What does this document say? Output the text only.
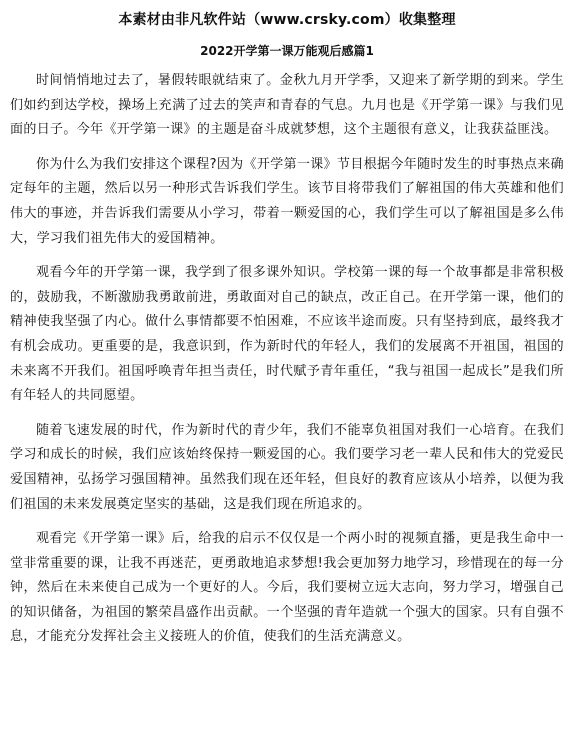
本素材由非凡软件站（www.crsky.com）收集整理
2022开学第一课万能观后感篇1

时间悄悄地过去了，暑假转眼就结束了。金秋九月开学季，又迎来了新学期的到来。学生们如约到达学校，操场上充满了过去的笑声和青春的气息。九月也是《开学第一课》与我们见面的日子。今年《开学第一课》的主题是奋斗成就梦想，这个主题很有意义，让我获益匪浅。

你为什么为我们安排这个课程?因为《开学第一课》节目根据今年随时发生的时事热点来确定每年的主题，然后以另一种形式告诉我们学生。该节目将带我们了解祖国的伟大英雄和他们伟大的事迹，并告诉我们需要从小学习，带着一颗爱国的心，我们学生可以了解祖国是多么伟大，学习我们祖先伟大的爱国精神。

观看今年的开学第一课，我学到了很多课外知识。学校第一课的每一个故事都是非常积极的，鼓励我，不断激励我勇敢前进，勇敢面对自己的缺点，改正自己。在开学第一课，他们的精神使我坚强了内心。做什么事情都要不怕困难，不应该半途而废。只有坚持到底，最终我才有机会成功。更重要的是，我意识到，作为新时代的年轻人，我们的发展离不开祖国，祖国的未来离不开我们。祖国呼唤青年担当责任，时代赋予青年重任，“我与祖国一起成长”是我们所有年轻人的共同愿望。

随着飞速发展的时代，作为新时代的青少年，我们不能辜负祖国对我们一心培育。在我们学习和成长的时候，我们应该始终保持一颗爱国的心。我们要学习老一辈人民和伟大的党爱民爱国精神，弘扬学习强国精神。虽然我们现在还年轻，但良好的教育应该从小培养，以便为我们祖国的未来发展奠定坚实的基础，这是我们现在所追求的。

观看完《开学第一课》后，给我的启示不仅仅是一个两小时的视频直播，更是我生命中一堂非常重要的课，让我不再迷茫，更勇敢地追求梦想!我会更加努力地学习，珍惜现在的每一分钟，然后在未来使自己成为一个更好的人。今后，我们要树立远大志向，努力学习，增强自己的知识储备，为祖国的繁荣昌盛作出贡献。一个坚强的青年造就一个强大的国家。只有自强不息，才能充分发挥社会主义接班人的价值，使我们的生活充满意义。
